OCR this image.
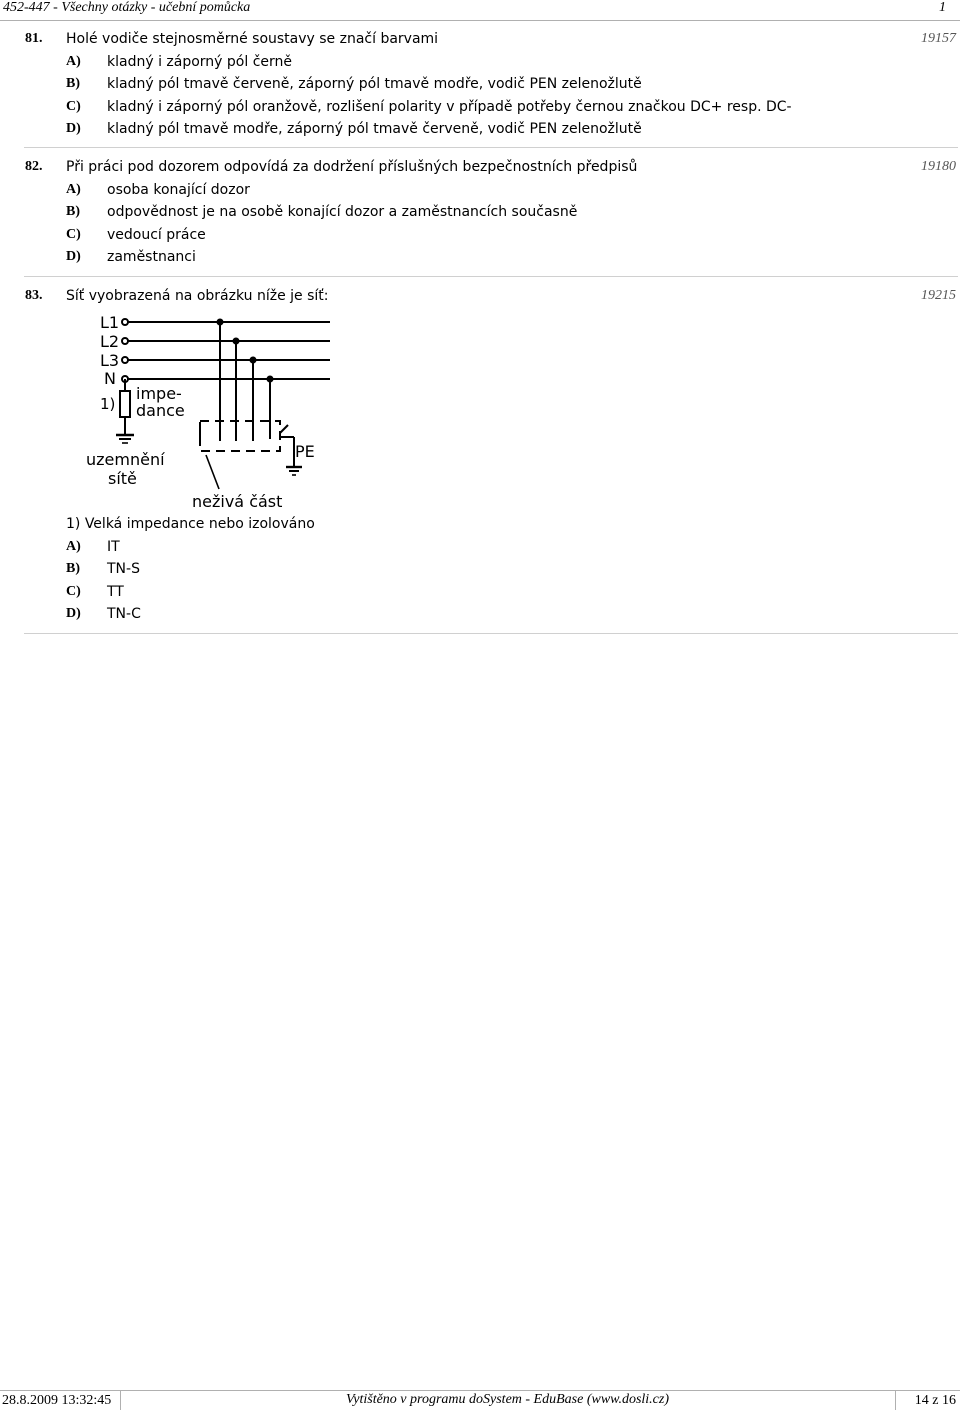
452-447 - Všechny otázky - učební pomůcka	1
81. Holé vodiče stejnosměrné soustavy se značí barvami	19157
A) kladný i záporný pól černě
B) kladný pól tmavě červeně, záporný pól tmavě modře, vodič PEN zelenožlutě
C) kladný i záporný pól oranžově, rozlišení polarity v případě potřeby černou značkou DC+ resp. DC-
D) kladný pól tmavě modře, záporný pól tmavě červeně, vodič PEN zelenožlutě
82. Při práci pod dozorem odpovídá za dodržení příslušných bezpečnostních předpisů	19180
A) osoba konající dozor
B) odpovědnost je na osobě konající dozor a zaměstnancích současně
C) vedoucí práce
D) zaměstnanci
83. Síť vyobrazená na obrázku níže je síť:	19215
L1
L2
L3
N
1)
impe-
dance
uzemnění
sítě
PE
neživá část
1) Velká impedance nebo izolováno
A) IT
B) TN-S
C) TT
D) TN-C
28.8.2009 13:32:45	Vytištěno v programu doSystem - EduBase (www.dosli.cz)	14 z 16
